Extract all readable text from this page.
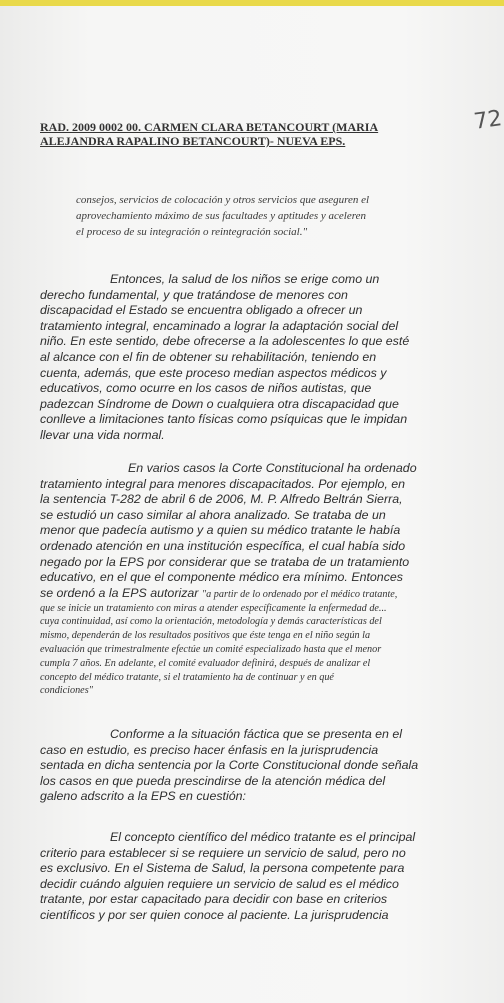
72
RAD. 2009 0002 00. CARMEN CLARA BETANCOURT (MARIA
ALEJANDRA RAPALINO BETANCOURT)- NUEVA EPS.
consejos, servicios de colocación y otros servicios que aseguren el
aprovechamiento máximo de sus facultades y aptitudes y aceleren
el proceso de su integración o reintegración social."
Entonces, la salud de los niños se erige como un
derecho fundamental, y que tratándose de menores con
discapacidad el Estado se encuentra obligado a ofrecer un
tratamiento integral, encaminado a lograr la adaptación social del
niño. En este sentido, debe ofrecerse a la adolescentes lo que esté
al alcance con el fin de obtener su rehabilitación, teniendo en
cuenta, además, que este proceso median aspectos médicos y
educativos, como ocurre en los casos de niños autistas, que
padezcan Síndrome de Down o cualquiera otra discapacidad que
conlleve a limitaciones tanto físicas como psíquicas que le impidan
llevar una vida normal.
En varios casos la Corte Constitucional ha ordenado
tratamiento integral para menores discapacitados. Por ejemplo, en
la sentencia T-282 de abril 6 de 2006, M. P. Alfredo Beltrán Sierra,
se estudió un caso similar al ahora analizado. Se trataba de un
menor que padecía autismo y a quien su médico tratante le había
ordenado atención en una institución específica, el cual había sido
negado por la EPS por considerar que se trataba de un tratamiento
educativo, en el que el componente médico era mínimo. Entonces
se ordenó a la EPS autorizar "a partir de lo ordenado por el médico tratante,
que se inicie un tratamiento con miras a atender específicamente la enfermedad de...
cuya continuidad, así como la orientación, metodología y demás características del
mismo, dependerán de los resultados positivos que éste tenga en el niño según la
evaluación que trimestralmente efectúe un comité especializado hasta que el menor
cumpla 7 años. En adelante, el comité evaluador definirá, después de analizar el
concepto del médico tratante, si el tratamiento ha de continuar y en qué
condiciones"
Conforme a la situación fáctica que se presenta en el
caso en estudio, es preciso hacer énfasis en la jurisprudencia
sentada en dicha sentencia por la Corte Constitucional donde señala
los casos en que pueda prescindirse de la atención médica del
galeno adscrito a la EPS en cuestión:
El concepto científico del médico tratante es el principal
criterio para establecer si se requiere un servicio de salud, pero no
es exclusivo. En el Sistema de Salud, la persona competente para
decidir cuándo alguien requiere un servicio de salud es el médico
tratante, por estar capacitado para decidir con base en criterios
científicos y por ser quien conoce al paciente. La jurisprudencia
